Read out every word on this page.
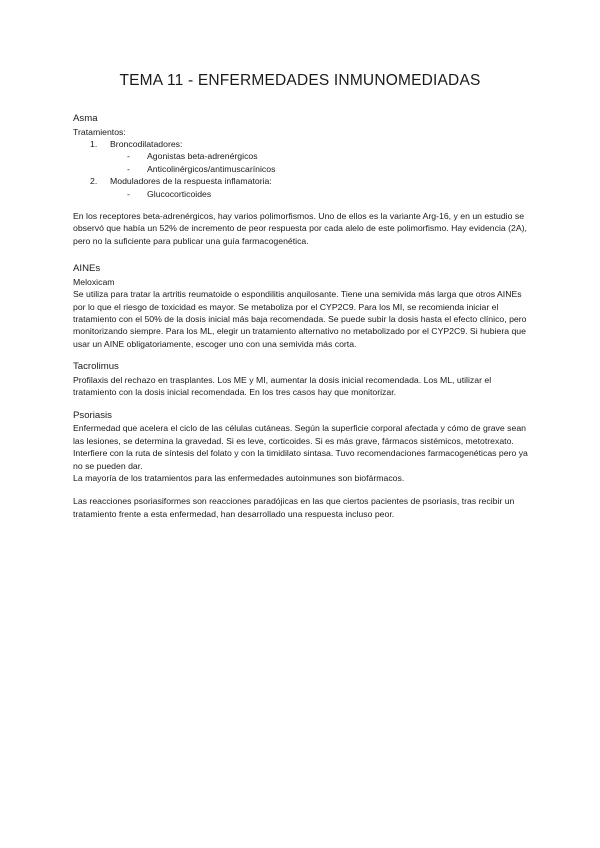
TEMA 11 - ENFERMEDADES INMUNOMEDIADAS

Asma

Tratamientos:

1.	Broncodilatadores:
- Agonistas beta-adrenérgicos
- Anticolinérgicos/antimuscarínicos
2.	Moduladores de la respuesta inflamatoria:
- Glucocorticoides

En los receptores beta-adrenérgicos, hay varios polimorfismos. Uno de ellos es la variante Arg-16, y en un estudio se observó que había un 52% de incremento de peor respuesta por cada alelo de este polimorfismo. Hay evidencia (2A), pero no la suficiente para publicar una guía farmacogenética.

AINEs

Meloxicam

Se utiliza para tratar la artritis reumatoide o espondilitis anquilosante. Tiene una semivida más larga que otros AINEs por lo que el riesgo de toxicidad es mayor. Se metaboliza por el CYP2C9. Para los MI, se recomienda iniciar el tratamiento con el 50% de la dosis inicial más baja recomendada. Se puede subir la dosis hasta el efecto clínico, pero monitorizando siempre. Para los ML, elegir un tratamiento alternativo no metabolizado por el CYP2C9. Si hubiera que usar un AINE obligatoriamente, escoger uno con una semivida más corta.

Tacrolimus

Profilaxis del rechazo en trasplantes. Los ME y MI, aumentar la dosis inicial recomendada. Los ML, utilizar el tratamiento con la dosis inicial recomendada. En los tres casos hay que monitorizar.

Psoriasis

Enfermedad que acelera el ciclo de las células cutáneas. Según la superficie corporal afectada y cómo de grave sean las lesiones, se determina la gravedad. Si es leve, corticoides. Si es más grave, fármacos sistémicos, metotrexato. Interfiere con la ruta de síntesis del folato y con la timidilato sintasa. Tuvo recomendaciones farmacogenéticas pero ya no se pueden dar.

La mayoría de los tratamientos para las enfermedades autoinmunes son biofármacos.

Las reacciones psoriasiformes son reacciones paradójicas en las que ciertos pacientes de psoriasis, tras recibir un tratamiento frente a esta enfermedad, han desarrollado una respuesta incluso peor.
